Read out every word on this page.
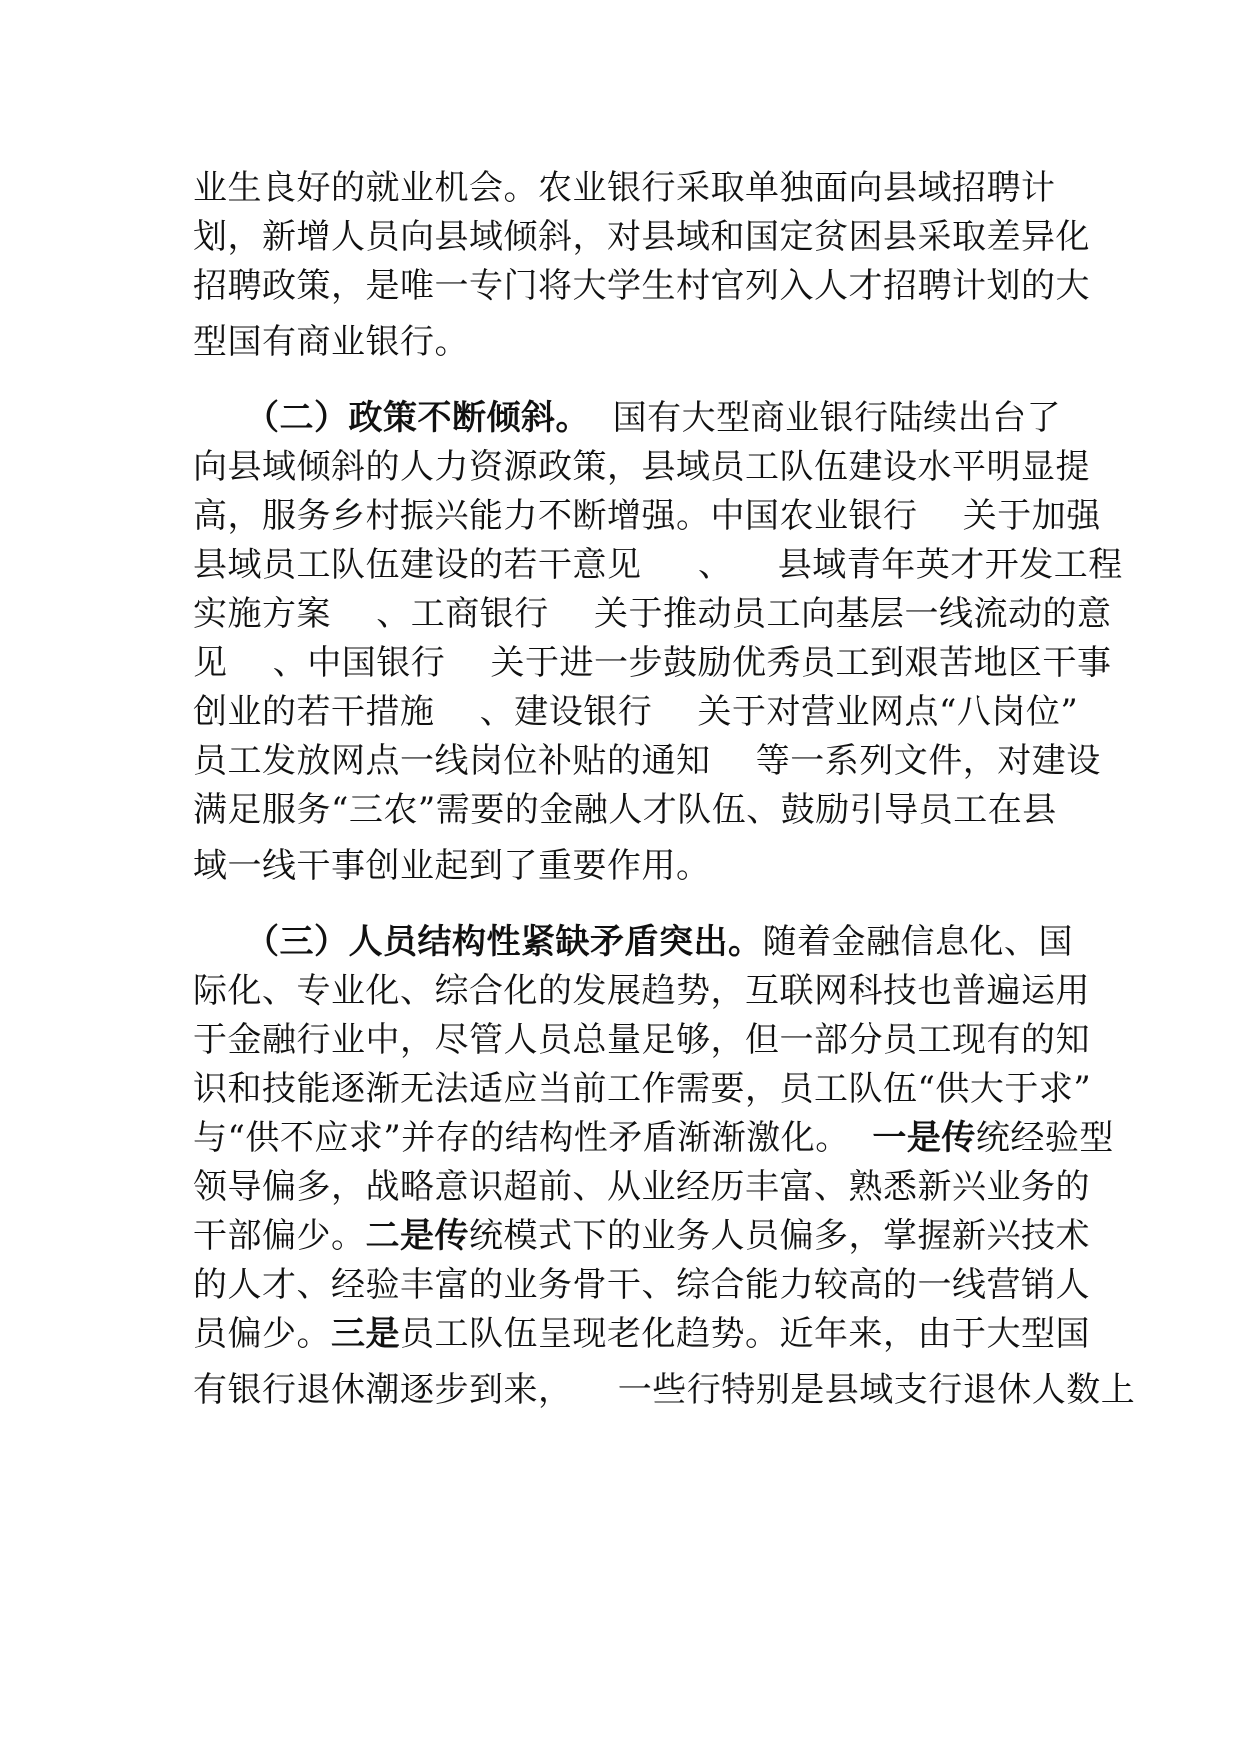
业生良好的就业机会。农业银行采取单独面向县域招聘计
划，新增人员向县域倾斜，对县域和国定贫困县采取差异化
招聘政策，是唯一专门将大学生村官列入人才招聘计划的大
型国有商业银行。
　　（二）政策不断倾斜。  国有大型商业银行陆续出台了
向县域倾斜的人力资源政策，县域员工队伍建设水平明显提
高，服务乡村振兴能力不断增强。中国农业银行    关于加强
县域员工队伍建设的若干意见     、    县域青年英才开发工程
实施方案    、工商银行    关于推动员工向基层一线流动的意
见    、中国银行    关于进一步鼓励优秀员工到艰苦地区干事
创业的若干措施    、建设银行    关于对营业网点“八岗位”
员工发放网点一线岗位补贴的通知    等一系列文件，对建设
满足服务“三农”需要的金融人才队伍、鼓励引导员工在县
域一线干事创业起到了重要作用。
　　（三）人员结构性紧缺矛盾突出。随着金融信息化、国
际化、专业化、综合化的发展趋势，互联网科技也普遍运用
于金融行业中，尽管人员总量足够，但一部分员工现有的知
识和技能逐渐无法适应当前工作需要，员工队伍“供大于求”
与“供不应求”并存的结构性矛盾渐渐激化。  一是传统经验型
领导偏多，战略意识超前、从业经历丰富、熟悉新兴业务的
干部偏少。二是传统模式下的业务人员偏多，掌握新兴技术
的人才、经验丰富的业务骨干、综合能力较高的一线营销人
员偏少。三是员工队伍呈现老化趋势。近年来，由于大型国
有银行退休潮逐步到来，    一些行特别是县域支行退休人数上
